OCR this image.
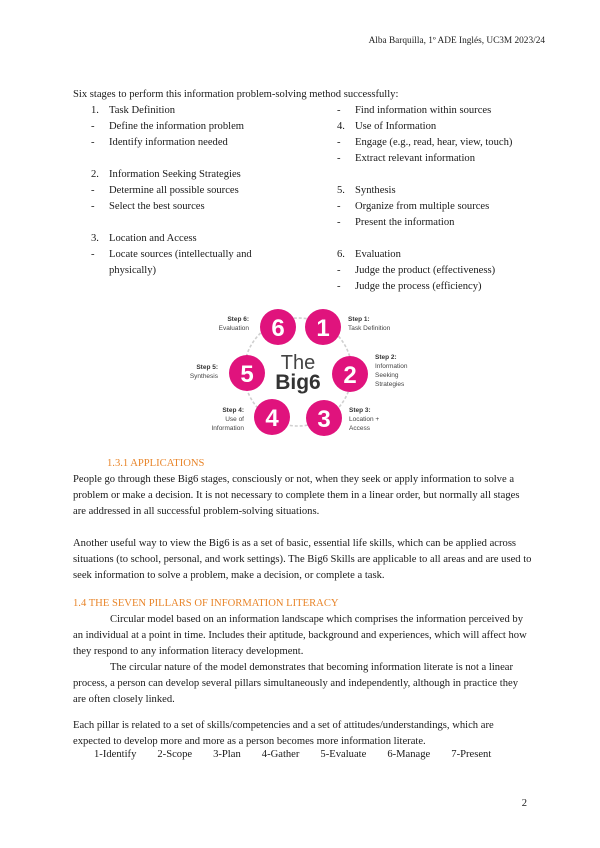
Alba Barquilla, 1º ADE Inglés, UC3M 2023/24
Six stages to perform this information problem-solving method successfully:
1. Task Definition
- Define the information problem
- Identify information needed
2. Information Seeking Strategies
- Determine all possible sources
- Select the best sources
3. Location and Access
- Locate sources (intellectually and
physically)
- Find information within sources
4. Use of Information
- Engage (e.g., read, hear, view, touch)
- Extract relevant information
5. Synthesis
- Organize from multiple sources
- Present the information
6. Evaluation
- Judge the product (effectiveness)
- Judge the process (efficiency)
The
Big6
6
Step 6:
Evaluation	1	Step 1:
Task Definition
2
Step 2:
Information
Seeking
Strategies
3	Step 3:
Location +
Access
4
Step 4:
Use of
Information
5
Step 5:
Synthesis
1.3.1 APPLICATIONS
People go through these Big6 stages, consciously or not, when they seek or apply information to solve a problem or make a decision. It is not necessary to complete them in a linear order, but normally all stages are addressed in all successful problem-solving situations.
Another useful way to view the Big6 is as a set of basic, essential life skills, which can be applied across situations (to school, personal, and work settings). The Big6 Skills are applicable to all areas and are used to seek information to solve a problem, make a decision, or complete a task.
1.4 THE SEVEN PILLARS OF INFORMATION LITERACY
Circular model based on an information landscape which comprises the information perceived by an individual at a point in time. Includes their aptitude, background and experiences, which will affect how they respond to any information literacy development.
The circular nature of the model demonstrates that becoming information literate is not a linear process, a person can develop several pillars simultaneously and independently, although in practice they are often closely linked.
Each pillar is related to a set of skills/competencies and a set of attitudes/understandings, which are expected to develop more and more as a person becomes more information literate.
1-Identify 2-Scope 3-Plan 4-Gather 5-Evaluate 6-Manage 7-Present
2
